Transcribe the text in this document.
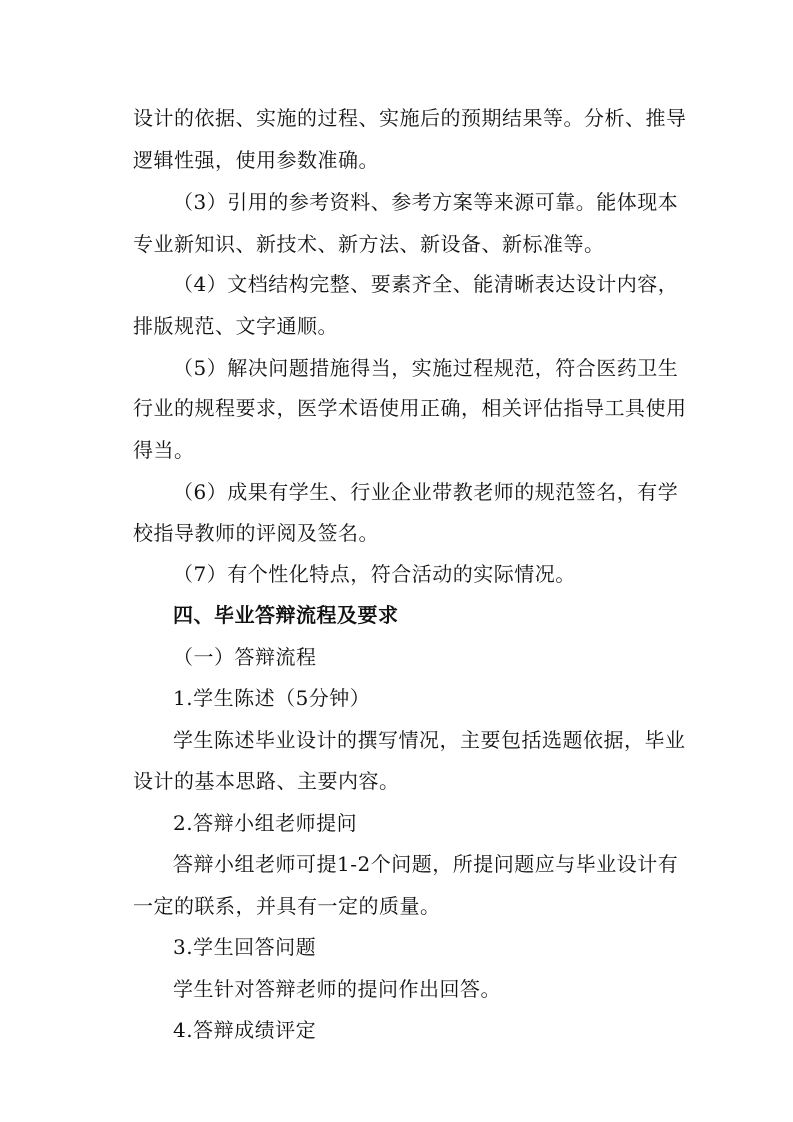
设计的依据、实施的过程、实施后的预期结果等。分析、推导
逻辑性强，使用参数准确。
（3）引用的参考资料、参考方案等来源可靠。能体现本
专业新知识、新技术、新方法、新设备、新标准等。
（4）文档结构完整、要素齐全、能清晰表达设计内容，
排版规范、文字通顺。
（5）解决问题措施得当，实施过程规范，符合医药卫生
行业的规程要求，医学术语使用正确，相关评估指导工具使用
得当。
（6）成果有学生、行业企业带教老师的规范签名，有学
校指导教师的评阅及签名。
（7）有个性化特点，符合活动的实际情况。
四、毕业答辩流程及要求
（一）答辩流程
1.学生陈述（5分钟）
学生陈述毕业设计的撰写情况，主要包括选题依据，毕业
设计的基本思路、主要内容。
2.答辩小组老师提问
答辩小组老师可提1-2个问题，所提问题应与毕业设计有
一定的联系，并具有一定的质量。
3.学生回答问题
学生针对答辩老师的提问作出回答。
4.答辩成绩评定
